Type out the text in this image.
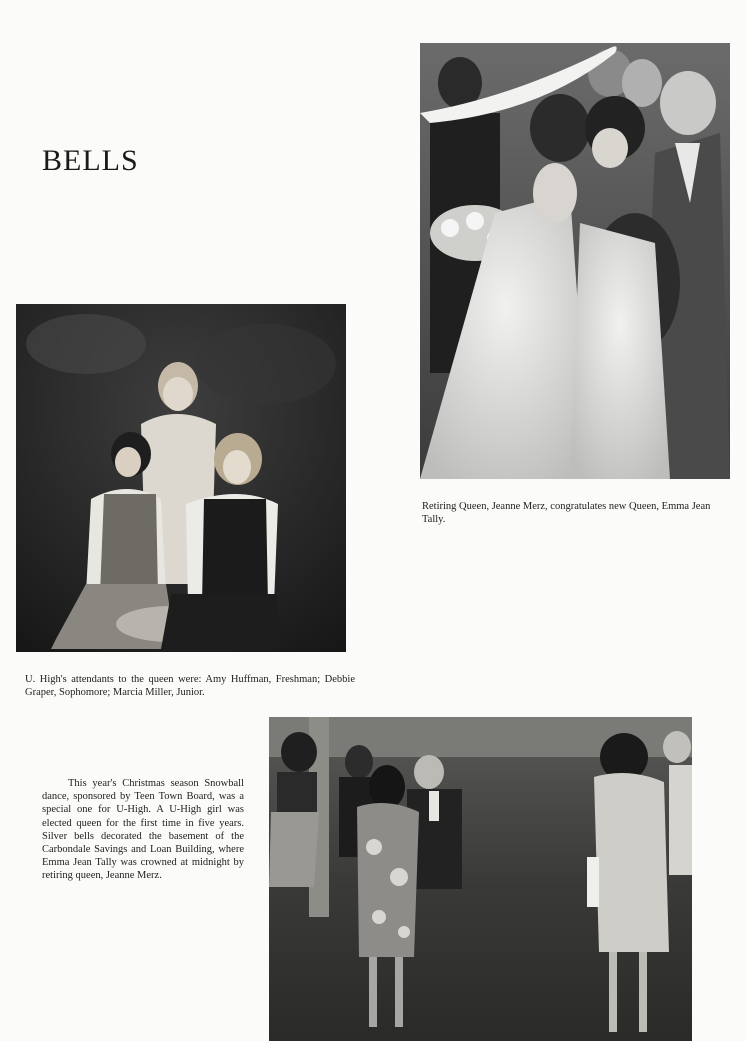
BELLS
Retiring Queen, Jeanne Merz, congratulates new Queen, Emma Jean Tally.
U. High's attendants to the queen were: Amy Huffman, Freshman; Debbie Graper, Sophomore; Marcia Miller, Junior.
This year's Christmas season Snowball dance, sponsored by Teen Town Board, was a special one for U-High. A U-High girl was elected queen for the first time in five years. Silver bells decorated the basement of the Carbondale Savings and Loan Building, where Emma Jean Tally was crowned at midnight by retiring queen, Jeanne Merz.
